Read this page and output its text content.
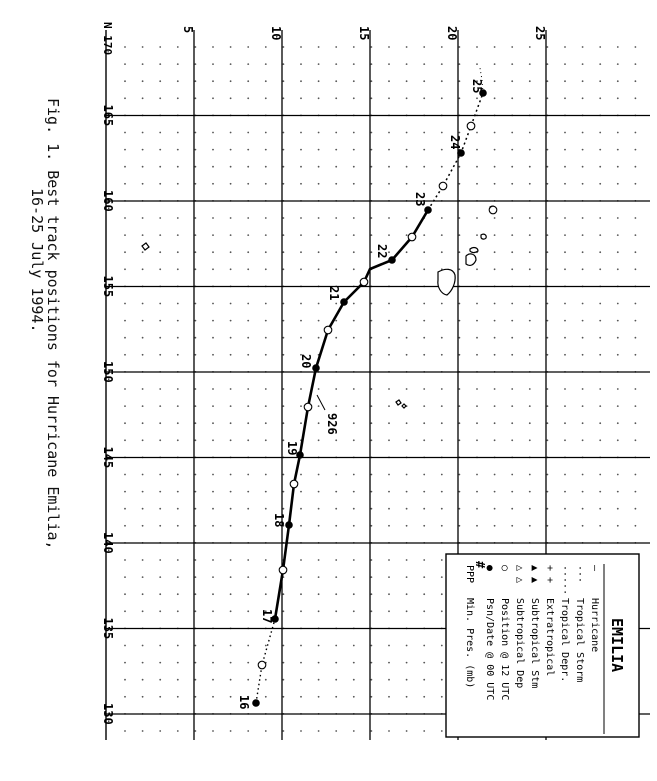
165
160
155
150
145
140
135
130
5	10	15	20	25
N 170
16
17
18
19
20
21
22
23
24
25
926
EMILIA
—
Hurricane
···
Tropical Storm
·····
Tropical Depr.
+ +
Extratropical
▲ ▲
Subtropical Stm
△ △
Subtropical Dep
○
Position @ 12 UTC
●
Psn/Date @ 00 UTC
PPP
Min. Pres. (mb)
#
Fig. 1. Best track positions for Hurricane Emilia,
16-25 July 1994.
